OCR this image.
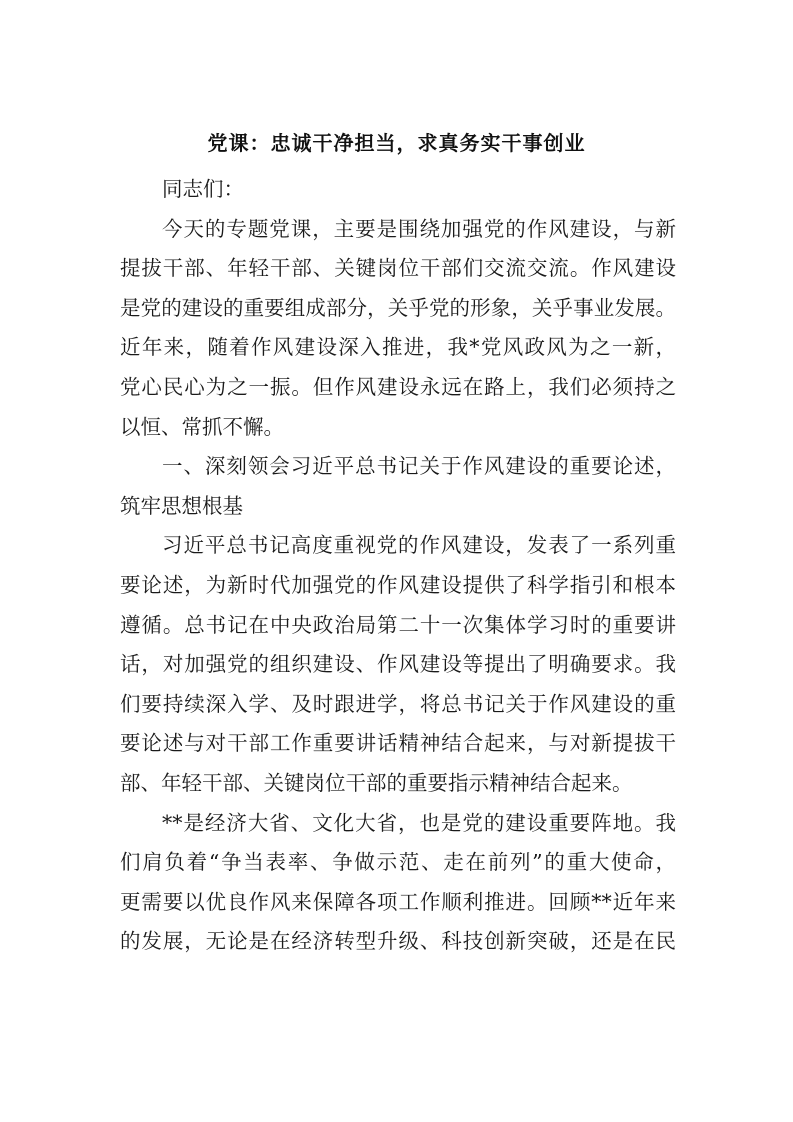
党课：忠诚干净担当，求真务实干事创业
同志们：
今天的专题党课，主要是围绕加强党的作风建设，与新
提拔干部、年轻干部、关键岗位干部们交流交流。作风建设
是党的建设的重要组成部分，关乎党的形象，关乎事业发展。
近年来，随着作风建设深入推进，我*党风政风为之一新，
党心民心为之一振。但作风建设永远在路上，我们必须持之
以恒、常抓不懈。
一、深刻领会习近平总书记关于作风建设的重要论述，
筑牢思想根基
习近平总书记高度重视党的作风建设，发表了一系列重
要论述，为新时代加强党的作风建设提供了科学指引和根本
遵循。总书记在中央政治局第二十一次集体学习时的重要讲
话，对加强党的组织建设、作风建设等提出了明确要求。我
们要持续深入学、及时跟进学，将总书记关于作风建设的重
要论述与对干部工作重要讲话精神结合起来，与对新提拔干
部、年轻干部、关键岗位干部的重要指示精神结合起来。
**是经济大省、文化大省，也是党的建设重要阵地。我
们肩负着“争当表率、争做示范、走在前列”的重大使命，
更需要以优良作风来保障各项工作顺利推进。回顾**近年来
的发展，无论是在经济转型升级、科技创新突破，还是在民
